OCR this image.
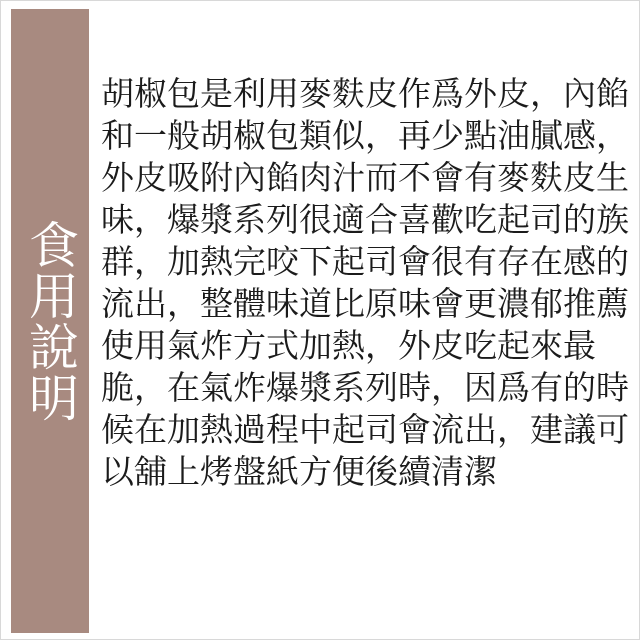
食用說明
胡椒包是利用麥麩皮作爲外皮，內餡和一般胡椒包類似，再少點油膩感，外皮吸附內餡肉汁而不會有麥麩皮生味，爆漿系列很適合喜歡吃起司的族群，加熱完咬下起司會很有存在感的流出，整體味道比原味會更濃郁推薦使用氣炸方式加熱，外皮吃起來最脆，在氣炸爆漿系列時，因爲有的時候在加熱過程中起司會流出，建議可以舖上烤盤紙方便後續清潔
